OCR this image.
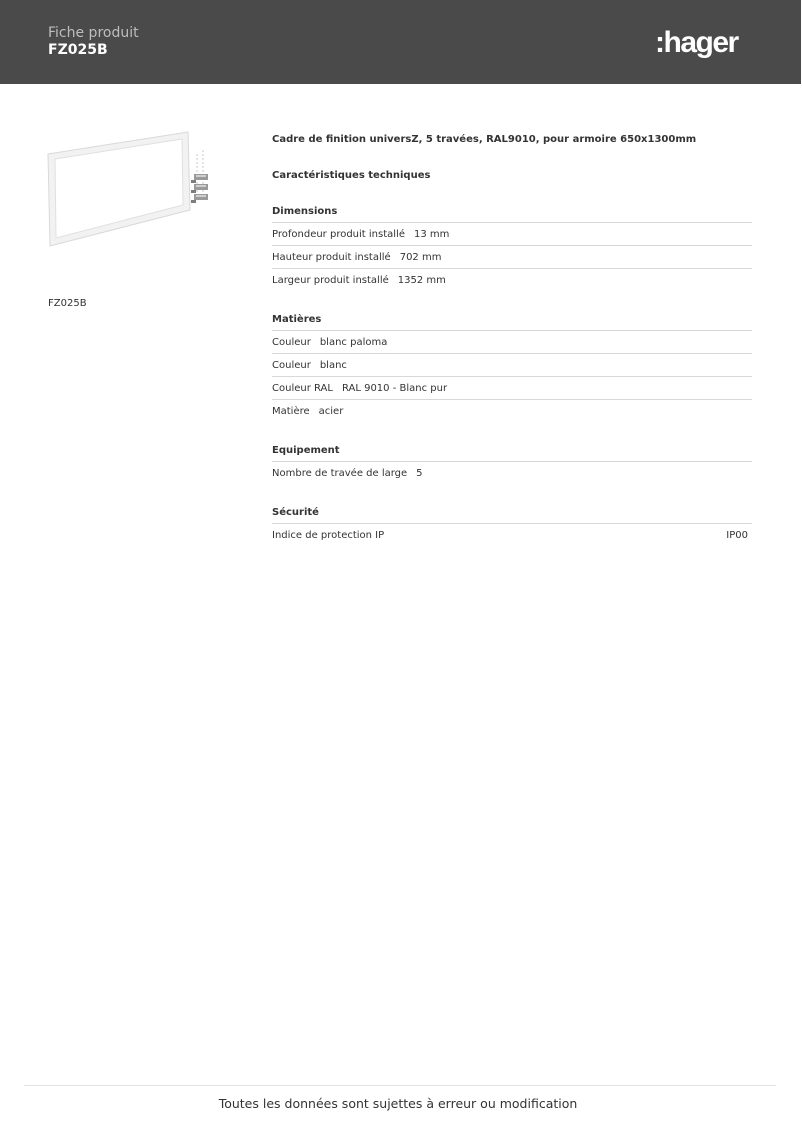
Fiche produit
FZ025B	:hager
FZ025B
Cadre de finition universZ, 5 travées, RAL9010, pour armoire 650x1300mm
Caractéristiques techniques
Dimensions
Profondeur produit installé 13 mm
Hauteur produit installé 702 mm
Largeur produit installé 1352 mm
Matières
Couleur blanc paloma
Couleur blanc
Couleur RAL RAL 9010 - Blanc pur
Matière acier
Equipement
Nombre de travée de large 5
Sécurité
Indice de protection IP	IP00
Toutes les données sont sujettes à erreur ou modification
